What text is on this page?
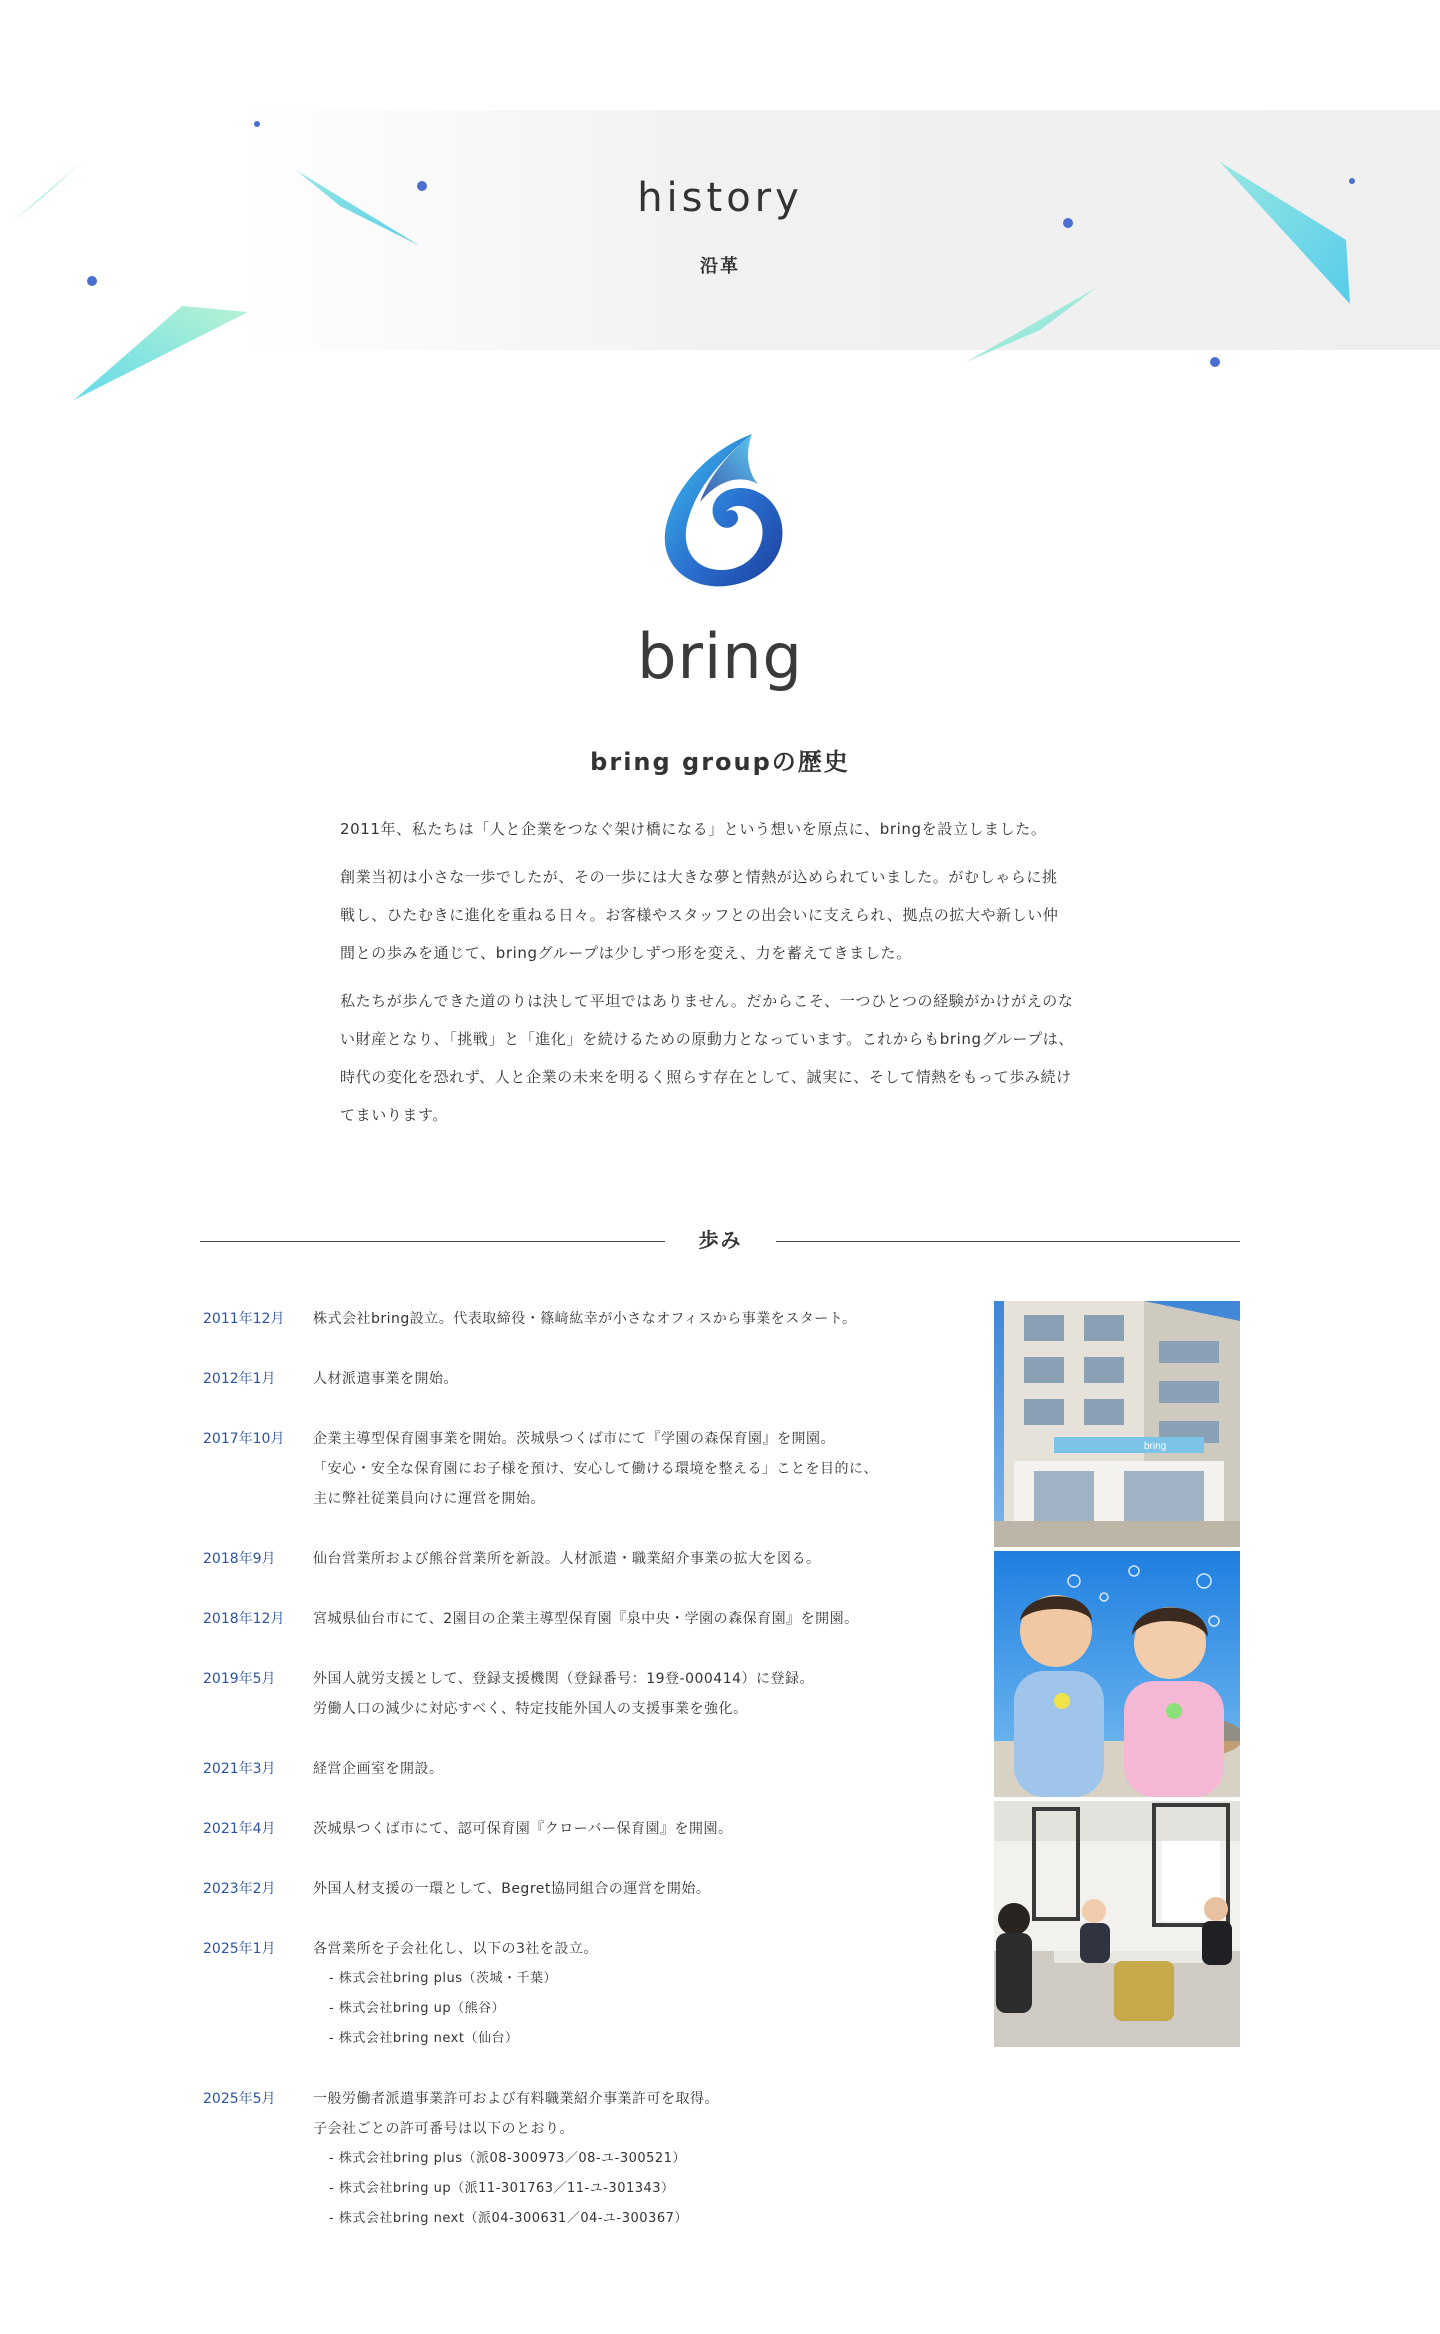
history
沿革
bring
bring groupの歴史

2011年、私たちは「人と企業をつなぐ架け橋になる」という想いを原点に、bringを設立しました。

創業当初は小さな一歩でしたが、その一歩には大きな夢と情熱が込められていました。がむしゃらに挑
戦し、ひたむきに進化を重ねる日々。お客様やスタッフとの出会いに支えられ、拠点の拡大や新しい仲
間との歩みを通じて、bringグループは少しずつ形を変え、力を蓄えてきました。

私たちが歩んできた道のりは決して平坦ではありません。だからこそ、一つひとつの経験がかけがえのな
い財産となり、「挑戦」と「進化」を続けるための原動力となっています。これからもbringグループは、
時代の変化を恐れず、人と企業の未来を明るく照らす存在として、誠実に、そして情熱をもって歩み続け
てまいります。

歩み
2011年12月	株式会社bring設立。代表取締役・篠﨑紘幸が小さなオフィスから事業をスタート。
2012年1月	人材派遣事業を開始。
2017年10月	企業主導型保育園事業を開始。茨城県つくば市にて『学園の森保育園』を開園。
「安心・安全な保育園にお子様を預け、安心して働ける環境を整える」ことを目的に、
主に弊社従業員向けに運営を開始。
2018年9月	仙台営業所および熊谷営業所を新設。人材派遣・職業紹介事業の拡大を図る。
2018年12月	宮城県仙台市にて、2園目の企業主導型保育園『泉中央・学園の森保育園』を開園。
2019年5月	外国人就労支援として、登録支援機関（登録番号：19登-000414）に登録。
労働人口の減少に対応すべく、特定技能外国人の支援事業を強化。
2021年3月	経営企画室を開設。
2021年4月	茨城県つくば市にて、認可保育園『クローバー保育園』を開園。
2023年2月	外国人材支援の一環として、Begret協同組合の運営を開始。
2025年1月	各営業所を子会社化し、以下の3社を設立。
- 株式会社bring plus（茨城・千葉）
- 株式会社bring up（熊谷）
- 株式会社bring next（仙台）
2025年5月	一般労働者派遣事業許可および有料職業紹介事業許可を取得。
子会社ごとの許可番号は以下のとおり。
- 株式会社bring plus（派08-300973／08-ユ-300521）
- 株式会社bring up（派11-301763／11-ユ-301343）
- 株式会社bring next（派04-300631／04-ユ-300367）
bring
